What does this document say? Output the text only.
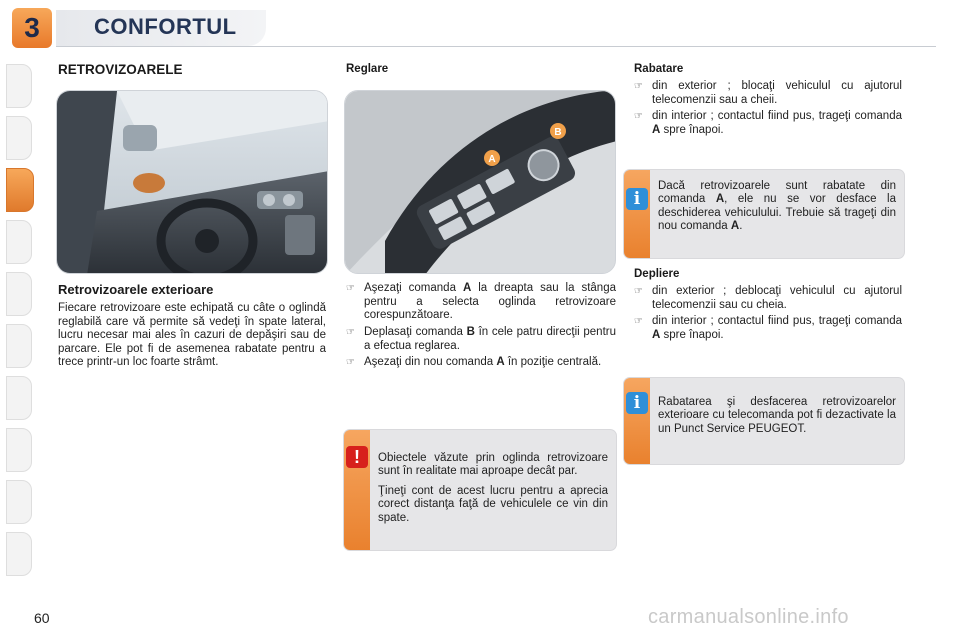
3	CONFORTUL
RETROVIZOARELE
Retrovizoarele exterioare
Fiecare retrovizoare este echipată cu câte o oglindă reglabilă care vă permite să vedeţi în spate lateral, lucru necesar mai ales în cazuri de depăşiri sau de parcare. Ele pot fi de asemenea rabatate pentru a trece printr-un loc foarte strâmt.
Reglare
A
B
☞ Aşezaţi comanda A la dreapta sau la stânga pentru a selecta oglinda retrovizoare corespunzătoare.
☞ Deplasaţi comanda B în cele patru direcţii pentru a efectua reglarea.
☞ Aşezaţi din nou comanda A în poziţie centrală.
!	Obiectele văzute prin oglinda retrovizoare sunt în realitate mai aproape decât par.

Ţineţi cont de acest lucru pentru a aprecia corect distanţa faţă de vehiculele ce vin din spate.

Rabatare
☞ din exterior ; blocaţi vehiculul cu ajutorul telecomenzii sau a cheii.
☞ din interior ; contactul fiind pus, trageţi comanda A spre înapoi.
i
Dacă retrovizoarele sunt rabatate din comanda A, ele nu se vor desface la deschiderea vehiculului. Trebuie să trageţi din nou comanda A.
Depliere
☞ din exterior ; deblocaţi vehiculul cu ajutorul telecomenzii sau cu cheia.
☞ din interior ; contactul fiind pus, trageţi comanda A spre înapoi.
i	Rabatarea şi desfacerea retrovizoarelor exterioare cu telecomanda pot fi dezactivate la un Punct Service PEUGEOT.
60	carmanualsonline.info
